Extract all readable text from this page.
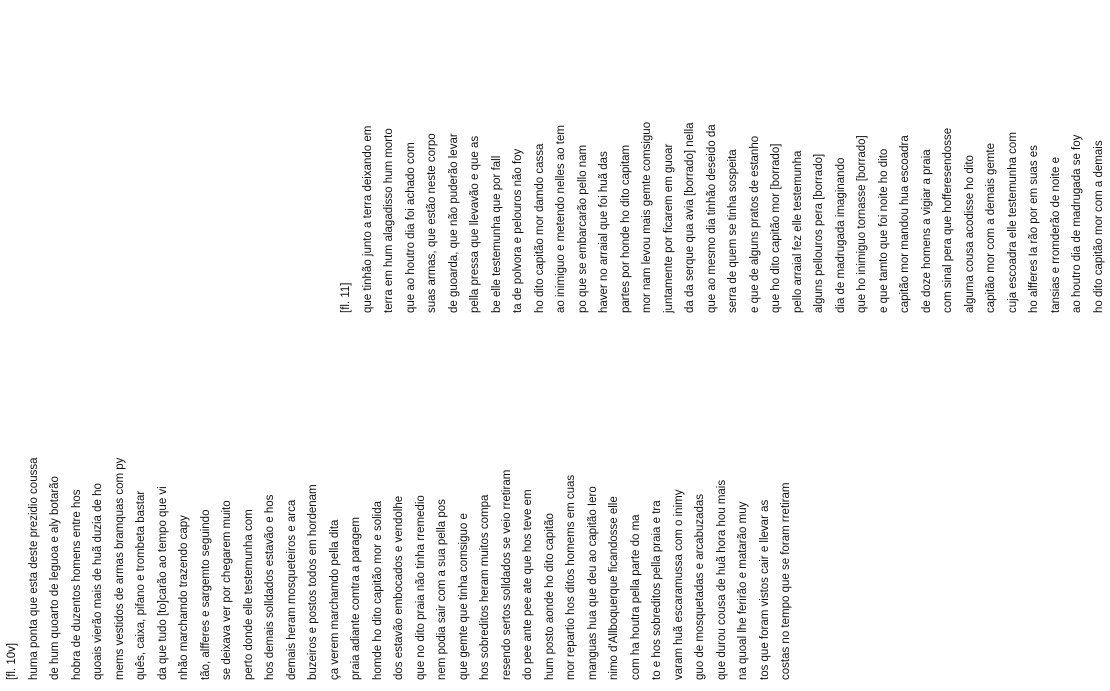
[fl. 10v] huma ponta que esta deste prezidio coussa de hum quoarto de leguoa e aly botarão hobra de duzentos homens entre hos quoais vierão mais de huã duzia de ho mems vestidos de armas bramquas com py quês, caixa, pifano e trombeta bastar da que tudo [to]carão ao tempo que vi nhão marchamdo trazendo capy tão, alfferes e sargemto seguindo se deixava ver por chegarem muito perto donde elle testemunha com hos demais solldados estavão e hos demais heram mosqueteiros e arca buzeiros e postos todos em hordenam ça verem marchamdo pella dita praia adiante comtra a paragem homde ho dito capitão mor e solida dos estavão embocados e vendolhe que no dito praia não tinha rremedio nem podia sair com a sua pella pos que gemte que tinha comsiguo e hos sobreditos heram muitos compa resendo sertos solldados se veio rretiram do pee ante pee ate que hos teve em hum posto aonde ho dito capitão mor repartio hos ditos homems em cuas manguas hua que deu ao capitão Iero nimo d'Allboquerque ficandosse elle com ha houtra pella parte do ma to e hos sobreditos pella praia e tra varam huã escaramussa com o inimy guo de mosquetadas e arcabuzadas que durou cousa de huã hora hou mais na quoal lhe ferirão e matarão muy tos que foram vistos cair e llevar as costas no tempo que se foram rretiram
[fl. 11] que tinhão junto a terra deixando em terra em hum alagadisso hum morto que ao houtro dia foi achado com suas armas, que estão neste corpo de guoarda, que não puderão levar pella pressa que llevavão e que as be elle testemunha que por fall ta de polvora e pelouros não foy ho dito capitão mor damdo cassa ao inimiguo e metendo nelles ao tem po que se embarcarão pello nam haver no arraial que foi huã das partes por honde ho dito capitam mor nam levou mais gemte comsiguo juntamente por ficarem em guoar da da serque qua avia [borrado] nella que ao mesmo dia tinhão deseido da serra de quem se tinha sospeita e que de alguns pratos de estanho que ho dito capitão mor [borrado] pello arraial fez elle testemunha alguns pellouros pera [borrado] dia de madrugada imaginando que ho inimiguo tornasse [borrado] e que tamto que foi noite ho dito capitão mor mandou hua escoadra de doze homens a vigiar a praia com sinal pera que hofferesendosse alguma cousa acodisse ho dito capitão mor com a demais gemte cuja escoadra elle testemunha com ho alfferes Ia rão por em suas es tansias e rromderão de noite e ao houtro dia de madrugada se foy ho dito capitão mor com a demais
